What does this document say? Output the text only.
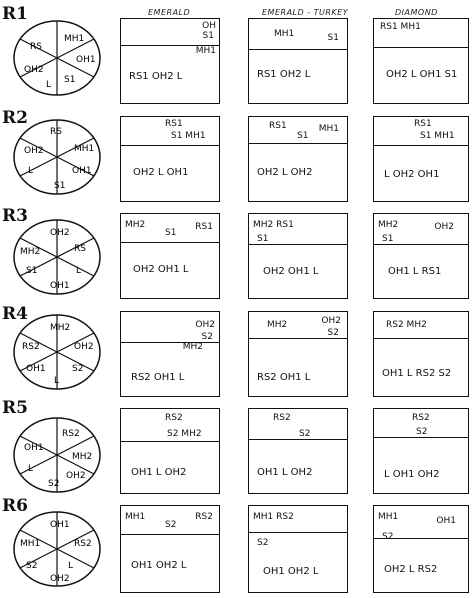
EMERALD	EMERALD - TURKEY	DIAMOND
R1
MH1
OH1
S1
L
OH2
RS
OH
S1
MH1
RS1 OH2 L
MH1	S1
RS1 OH2 L
RS1 MH1
OH2 L OH1 S1
R2
MH1
OH1
S1
L
OH2
RS
RS1
S1 MH1
OH2 L OH1
RS1
S1
MH1
OH2 L OH2
RS1
S1 MH1
L OH2 OH1
R3
OH2
RS
L
OH1
S1
MH2
MH2
S1
RS1
OH2 OH1 L
MH2 RS1
S1
OH2 OH1 L
MH2	OH2
S1
OH1 L RS1
R4
MH2
OH2
S2
L
OH1
RS2
OH2
S2
MH2
RS2 OH1 L
MH2	OH2
S2
RS2 OH1 L
RS2 MH2
OH1 L RS2 S2
R5
RS2
MH2
OH2
S2
L
OH1
RS2
S2 MH2
OH1 L OH2
RS2
S2
OH1 L OH2
RS2
S2
L OH1 OH2
R6
OH1
RS2
L
OH2
S2
MH1
MH1
S2
RS2
OH1 OH2 L
MH1 RS2
S2
OH1 OH2 L
MH1	OH1
S2
OH2 L RS2
